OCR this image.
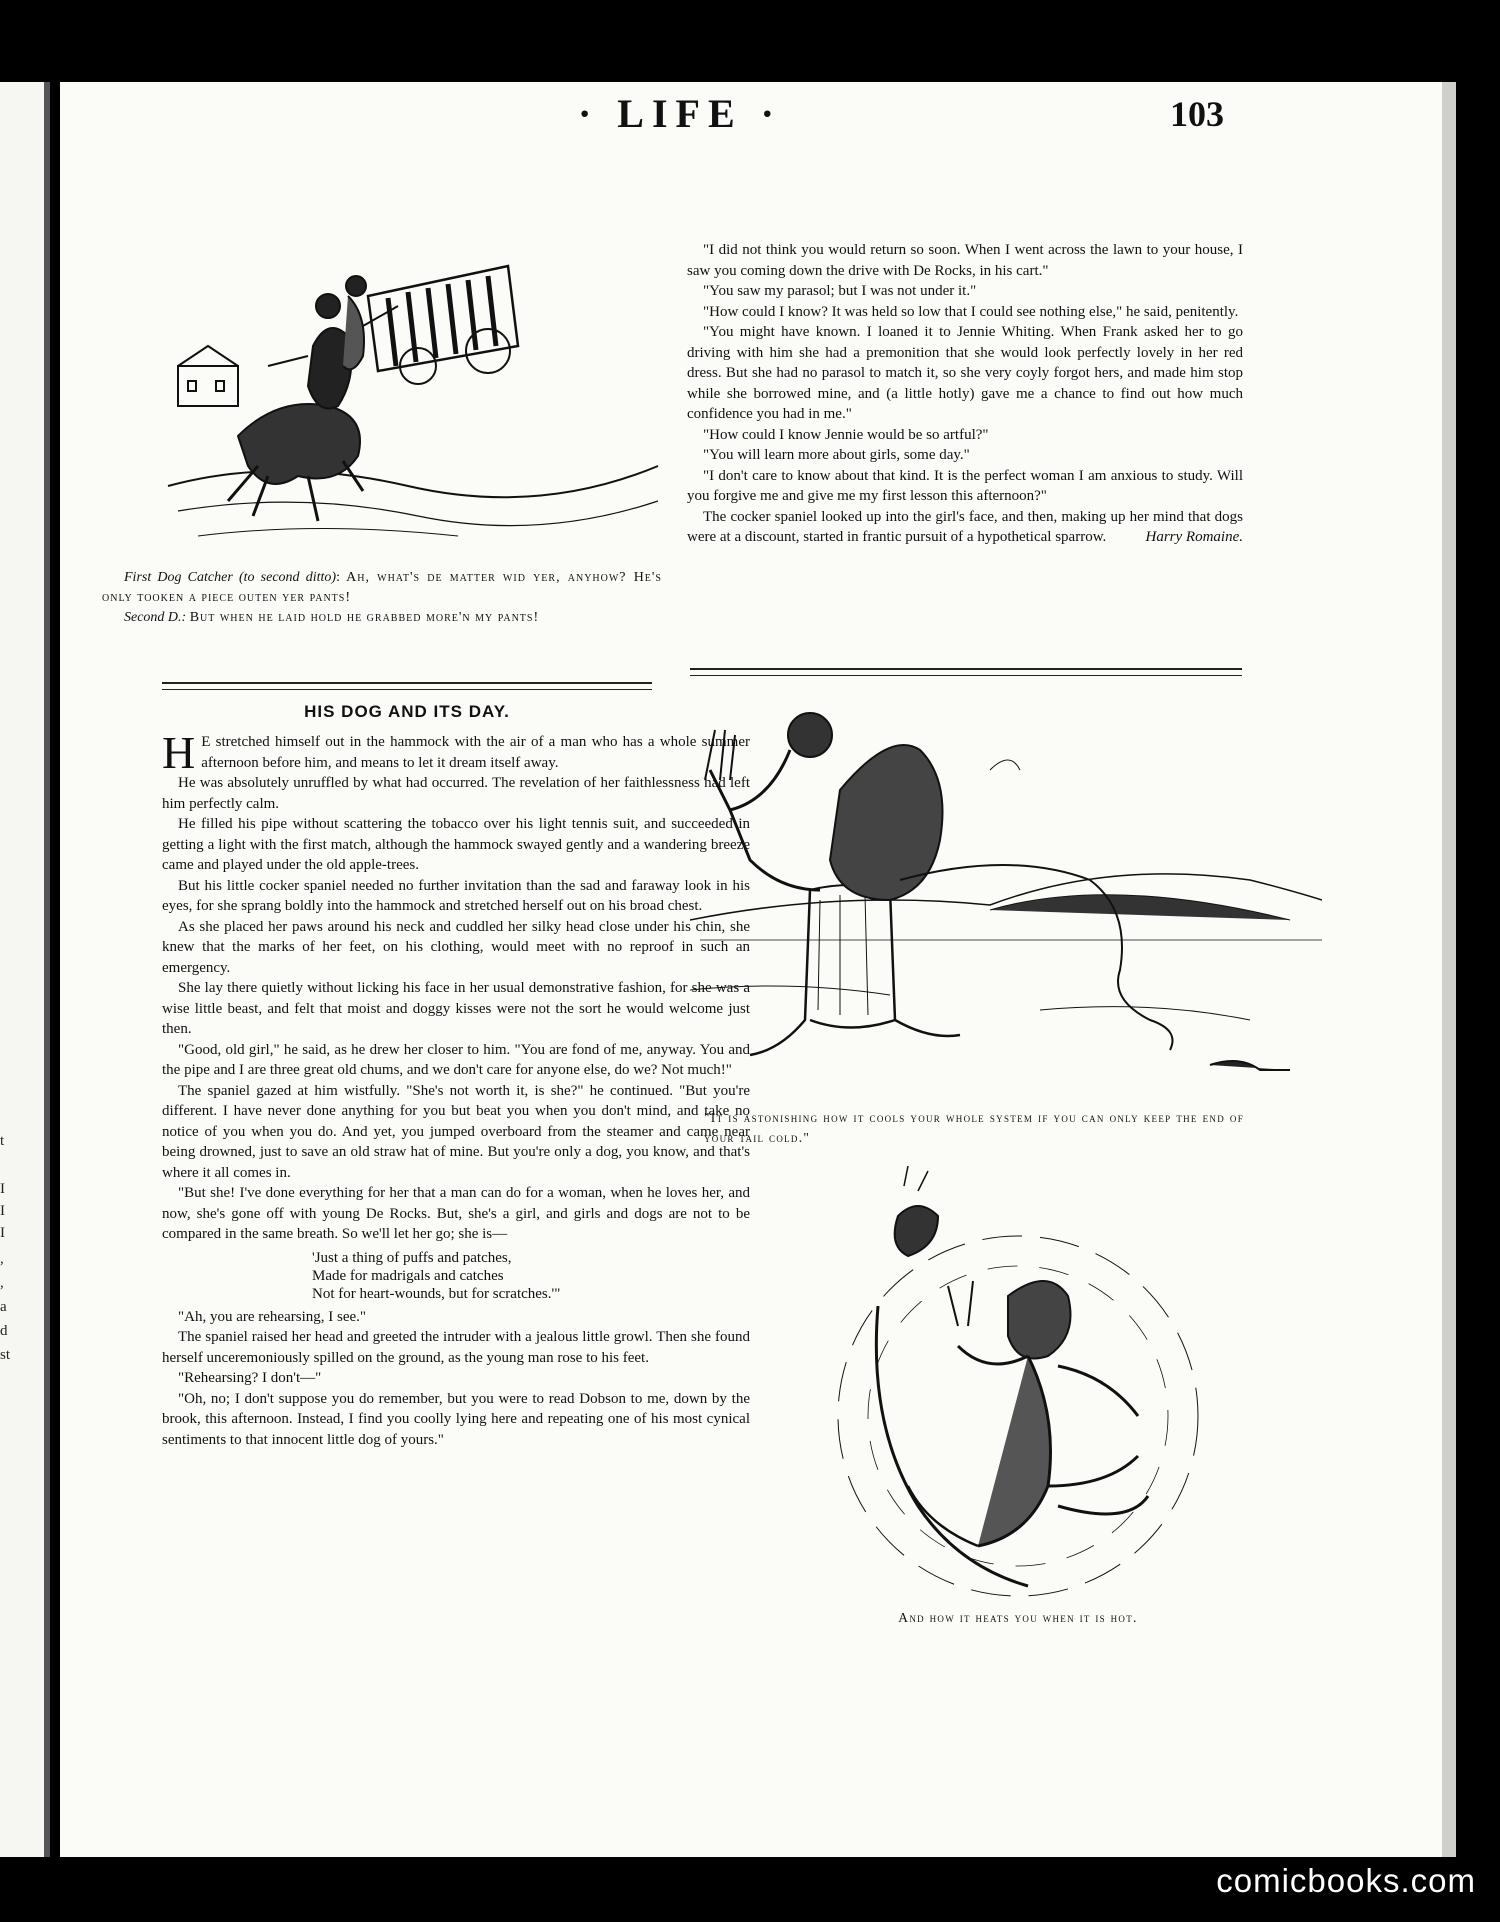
,
,
a
d
st
I
I
I
t
· LIFE ·	103

First Dog Catcher (to second ditto): Ah, what's de matter wid yer, anyhow? He's only tooken a piece outen yer pants!

Second D.: But when he laid hold he grabbed more'n my pants!

HIS DOG AND ITS DAY.

H E stretched himself out in the hammock with the air of a man who has a whole summer afternoon before him, and means to let it dream itself away.

He was absolutely unruffled by what had occurred. The revelation of her faithlessness had left him perfectly calm.

He filled his pipe without scattering the tobacco over his light tennis suit, and succeeded in getting a light with the first match, although the hammock swayed gently and a wandering breeze came and played under the old apple-trees.

But his little cocker spaniel needed no further invitation than the sad and faraway look in his eyes, for she sprang boldly into the hammock and stretched herself out on his broad chest.

As she placed her paws around his neck and cuddled her silky head close under his chin, she knew that the marks of her feet, on his clothing, would meet with no reproof in such an emergency.

She lay there quietly without licking his face in her usual demonstrative fashion, for she was a wise little beast, and felt that moist and doggy kisses were not the sort he would welcome just then.

"Good, old girl," he said, as he drew her closer to him. "You are fond of me, anyway. You and the pipe and I are three great old chums, and we don't care for anyone else, do we? Not much!"

The spaniel gazed at him wistfully. "She's not worth it, is she?" he continued. "But you're different. I have never done anything for you but beat you when you don't mind, and take no notice of you when you do. And yet, you jumped overboard from the steamer and came near being drowned, just to save an old straw hat of mine. But you're only a dog, you know, and that's where it all comes in.

"But she! I've done everything for her that a man can do for a woman, when he loves her, and now, she's gone off with young De Rocks. But, she's a girl, and girls and dogs are not to be compared in the same breath. So we'll let her go; she is—

'Just a thing of puffs and patches,
Made for madrigals and catches
Not for heart-wounds, but for scratches.'"

"Ah, you are rehearsing, I see."

The spaniel raised her head and greeted the intruder with a jealous little growl. Then she found herself unceremoniously spilled on the ground, as the young man rose to his feet.

"Rehearsing? I don't—"

"Oh, no; I don't suppose you do remember, but you were to read Dobson to me, down by the brook, this afternoon. Instead, I find you coolly lying here and repeating one of his most cynical sentiments to that innocent little dog of yours."

"I did not think you would return so soon. When I went across the lawn to your house, I saw you coming down the drive with De Rocks, in his cart."

"You saw my parasol; but I was not under it."

"How could I know? It was held so low that I could see nothing else," he said, penitently.

"You might have known. I loaned it to Jennie Whiting. When Frank asked her to go driving with him she had a premonition that she would look perfectly lovely in her red dress. But she had no parasol to match it, so she very coyly forgot hers, and made him stop while she borrowed mine, and (a little hotly) gave me a chance to find out how much confidence you had in me."

"How could I know Jennie would be so artful?"

"You will learn more about girls, some day."

"I don't care to know about that kind. It is the perfect woman I am anxious to study. Will you forgive me and give me my first lesson this afternoon?"

The cocker spaniel looked up into the girl's face, and then, making up her mind that dogs were at a discount, started in frantic pursuit of a hypothetical sparrow.	Harry Romaine.

"It is astonishing how it cools your whole system if you can only keep the end of your tail cold."
And how it heats you when it is hot.
comicbooks.com
